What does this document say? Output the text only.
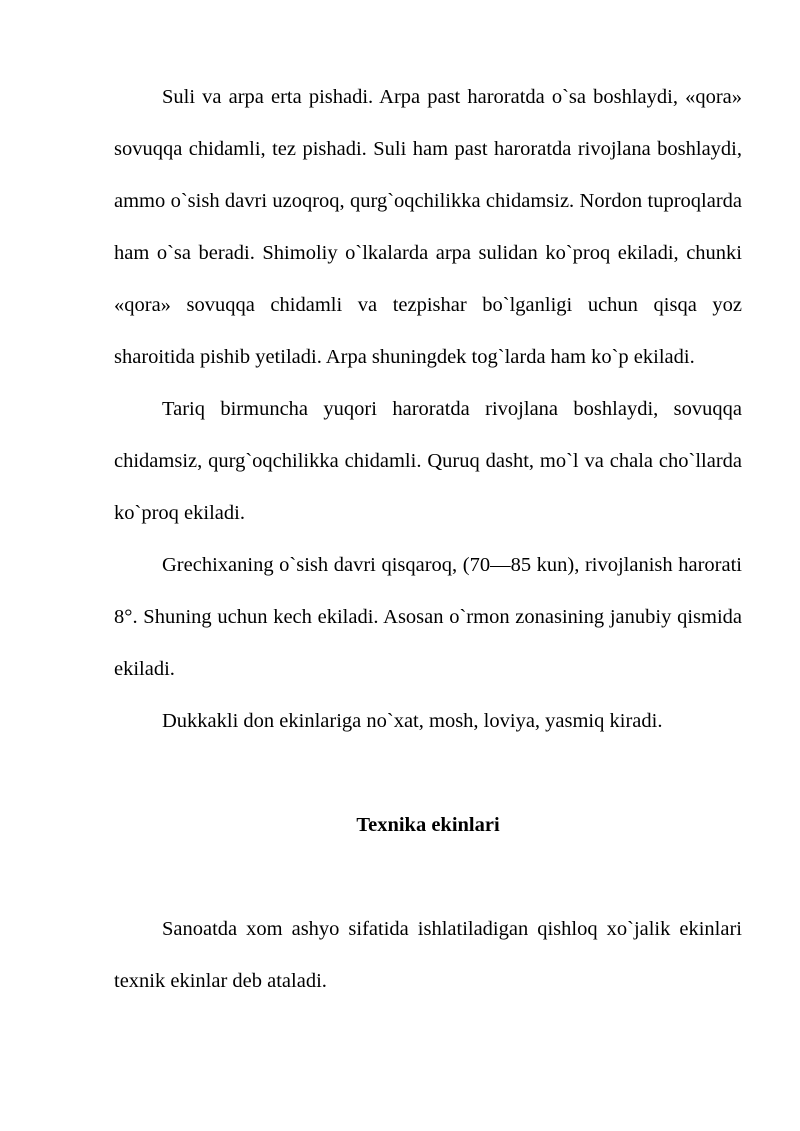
Suli va arpa erta pishadi. Arpa past haroratda o`sa boshlaydi, «qora» sovuqqa chidamli, tez pishadi. Suli ham past haroratda rivojlana boshlaydi, ammo o`sish davri uzoqroq, qurg`oqchilikka chidamsiz. Nordon tuproqlarda ham o`sa beradi. Shimoliy o`lkalarda arpa sulidan ko`proq ekiladi, chunki «qora» sovuqqa chidamli va tezpishar bo`lganligi uchun qisqa yoz sharoitida pishib yetiladi. Arpa shuningdek tog`larda ham ko`p ekiladi.

Tariq birmuncha yuqori haroratda rivojlana boshlaydi, sovuqqa chidamsiz, qurg`oqchilikka chidamli. Quruq dasht, mo`l va chala cho`llarda ko`proq ekiladi.

Grechixaning o`sish davri qisqaroq, (70—85 kun), rivojlanish harorati 8°. Shuning uchun kech ekiladi. Asosan o`rmon zonasining janubiy qismida ekiladi.

Dukkakli don ekinlariga no`xat, mosh, loviya, yasmiq kiradi.

Texnika ekinlari

Sanoatda xom ashyo sifatida ishlatiladigan qishloq xo`jalik ekinlari texnik ekinlar deb ataladi.
